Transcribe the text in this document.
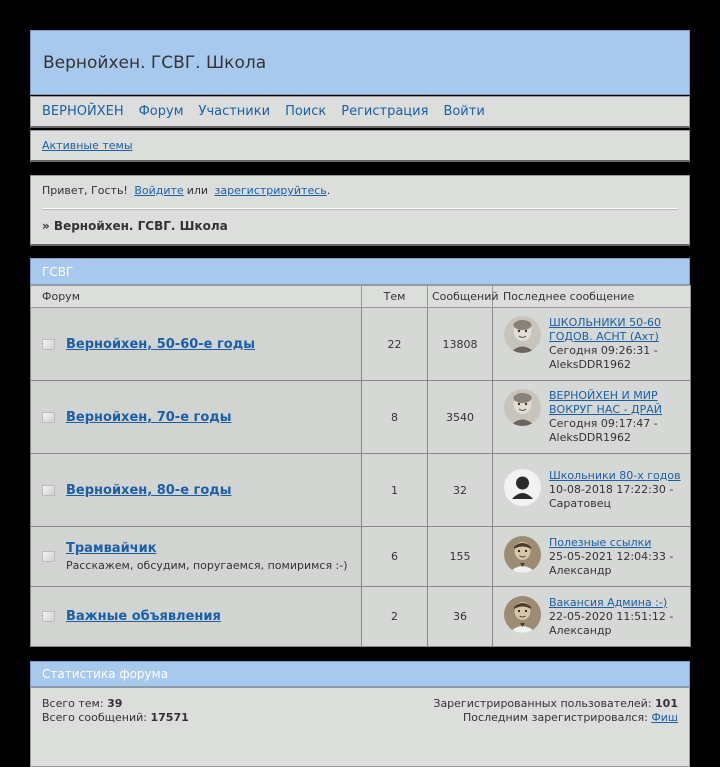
Вернойхен. ГСВГ. Школа
ВЕРНОЙХЕН Форум Участники Поиск Регистрация Войти
Активные темы
Привет, Гость! Войдите или зарегистрируйтесь.
» Вернойхен. ГСВГ. Школа
ГСВГ
Форум	Тем	Сообщений	Последнее сообщение

Вернойхен, 50-60-е годы	22	13808	ШКОЛЬНИКИ 50-60 ГОДОВ. АСНТ (Ахт)
Сегодня 09:26:31 -
AleksDDR1962

Вернойхен, 70-е годы	8	3540	ВЕРНОЙХЕН И МИР ВОКРУГ НАС - ДРАЙ
Сегодня 09:17:47 -
AleksDDR1962

Вернойхен, 80-е годы	1	32	Школьники 80-х годов
10-08-2018 17:22:30 -
Саратовец

Трамвайчик
Расскажем, обсудим, поругаемся, помиримся :-)	6	155	Полезные ссылки
25-05-2021 12:04:33 -
Александр

Важные объявления	2	36	Вакансия Админа :-)
22-05-2020 11:51:12 -
Александр
Статистика форума
Всего тем: 39	Зарегистрированных пользователей: 101
Всего сообщений: 17571	Последним зарегистрировался: Фиш
